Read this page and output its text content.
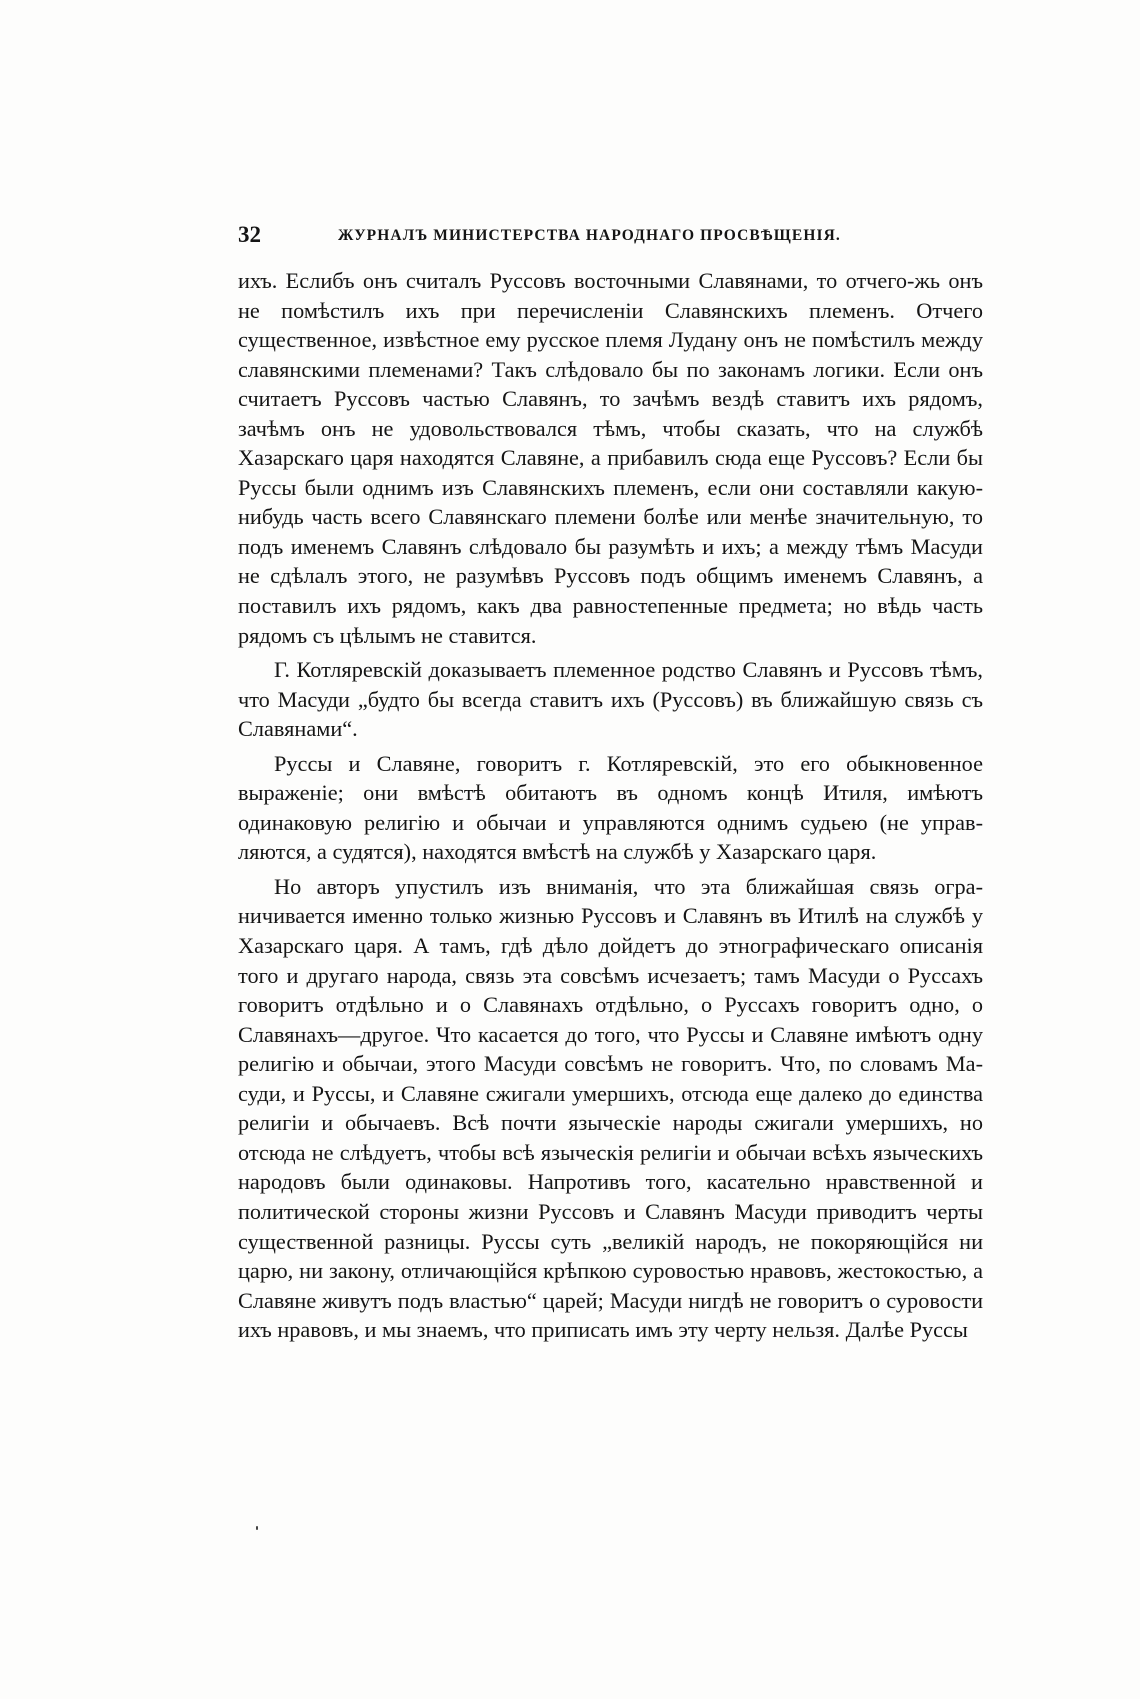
32	ЖУРНАЛЪ МИНИСТЕРСТВА НАРОДНАГО ПРОСВѢЩЕНІЯ.

ихъ. Еслибъ онъ считалъ Руссовъ восточными Славянами, то отчего-жь онъ не помѣстилъ ихъ при перечисленіи Славянскихъ племенъ. Отчего существенное, извѣстное ему русское племя Лудану онъ не помѣстилъ между славянскими племенами? Такъ слѣдовало бы по законамъ логики. Если онъ считаетъ Руссовъ частью Славянъ, то зачѣмъ вездѣ ставитъ ихъ рядомъ, зачѣмъ онъ не удовольствовался тѣмъ, чтобы сказать, что на службѣ Хазарскаго царя находятся Славяне, а прибавилъ сюда еще Руссовъ? Если бы Руссы были однимъ изъ Славянскихъ племенъ, если они составляли какую-нибудь часть всего Славянскаго племени болѣе или менѣе значительную, то подъ именемъ Славянъ слѣдовало бы разумѣть и ихъ; а между тѣмъ Масуди не сдѣлалъ этого, не разумѣвъ Руссовъ подъ общимъ именемъ Славянъ, а поставилъ ихъ рядомъ, какъ два равностепенные предмета; но вѣдь часть рядомъ съ цѣлымъ не ставится.

Г. Котляревскій доказываетъ племенное родство Славянъ и Руссовъ тѣмъ, что Масуди „будто бы всегда ставитъ ихъ (Руссовъ) въ ближайшую связь съ Славянами“.

Руссы и Славяне, говоритъ г. Котляревскій, это его обыкновенное выраженіе; они вмѣстѣ обитаютъ въ одномъ концѣ Итиля, имѣютъ одинаковую религію и обычаи и управляются однимъ судьею (не управляются, а судятся), находятся вмѣстѣ на службѣ у Хазарскаго царя.

Но авторъ упустилъ изъ вниманія, что эта ближайшая связь ограничивается именно только жизнью Руссовъ и Славянъ въ Итилѣ на службѣ у Хазарскаго царя. А тамъ, гдѣ дѣло дойдетъ до этнографическаго описанія того и другаго народа, связь эта совсѣмъ исчезаетъ; тамъ Масуди о Руссахъ говоритъ отдѣльно и о Славянахъ отдѣльно, о Руссахъ говоритъ одно, о Славянахъ—другое. Что касается до того, что Руссы и Славяне имѣютъ одну религію и обычаи, этого Масуди совсѣмъ не говоритъ. Что, по словамъ Масуди, и Руссы, и Славяне сжигали умершихъ, отсюда еще далеко до единства религіи и обычаевъ. Всѣ почти языческіе народы сжигали умершихъ, но отсюда не слѣдуетъ, чтобы всѣ языческія религіи и обычаи всѣхъ языческихъ народовъ были одинаковы. Напротивъ того, касательно нравственной и политической стороны жизни Руссовъ и Славянъ Масуди приводитъ черты существенной разницы. Руссы суть „великій народъ, не покоряющійся ни царю, ни закону, отличающійся крѣпкою суровостью нравовъ, жестокостью, а Славяне живутъ подъ властью“ царей; Масуди нигдѣ не говоритъ о суровости ихъ нравовъ, и мы знаемъ, что приписать имъ эту черту нельзя. Далѣе Руссы
